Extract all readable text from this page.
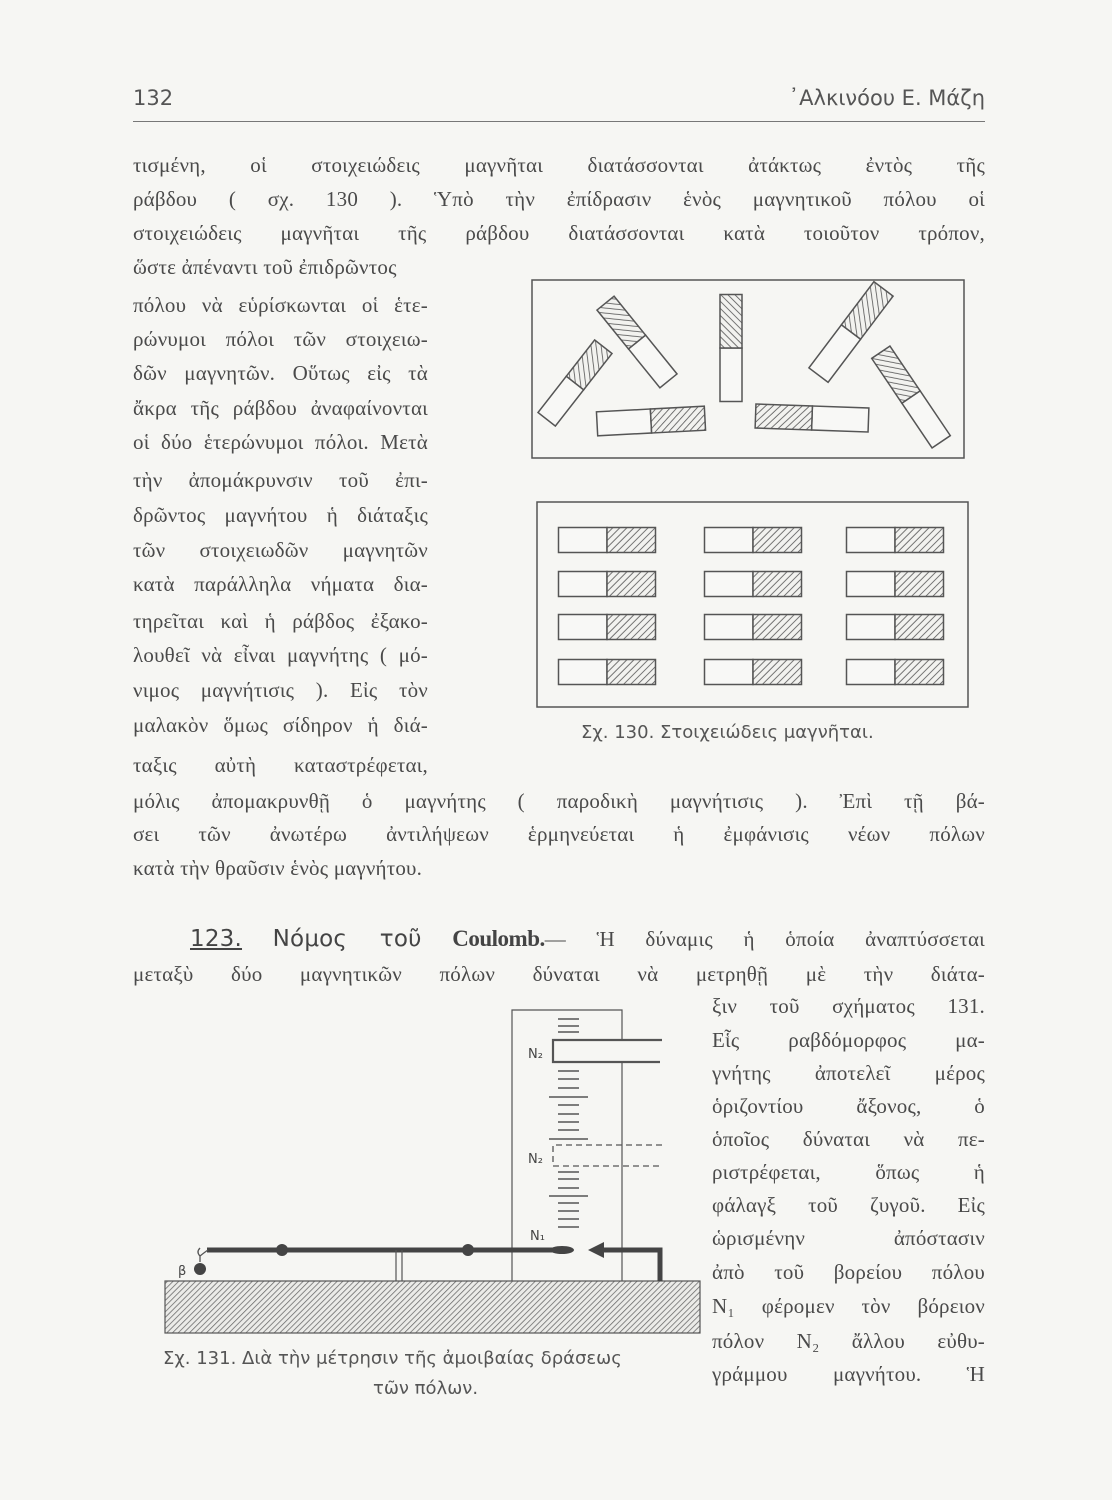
N₂
N₂
N₁
β
132	᾿Αλκινόου Ε. Μάζη
τισμένη, οἱ στοιχειώδεις μαγνῆται διατάσσονται ἀτάκτως ἐντὸς τῆς
ράβδου ( σχ. 130 ). Ὑπὸ τὴν ἐπίδρασιν ἑνὸς μαγνητικοῦ πόλου οἱ
στοιχειώδεις μαγνῆται τῆς ράβδου διατάσσονται κατὰ τοιοῦτον τρόπον,
ὥστε ἀπέναντι τοῦ ἐπιδρῶντος
πόλου νὰ εὑρίσκωνται οἱ ἑτε-
ρώνυμοι πόλοι τῶν στοιχειω-
δῶν μαγνητῶν. Οὕτως εἰς τὰ
ἄκρα τῆς ράβδου ἀναφαίνονται
οἱ δύο ἑτερώνυμοι πόλοι. Μετὰ
τὴν ἀπομάκρυνσιν τοῦ ἐπι-
δρῶντος μαγνήτου ἡ διάταξις
τῶν στοιχειωδῶν μαγνητῶν
κατὰ παράλληλα νήματα δια-
τηρεῖται καὶ ἡ ράβδος ἐξακο-
λουθεῖ νὰ εἶναι μαγνήτης ( μό-
νιμος μαγνήτισις ). Εἰς τὸν
μαλακὸν ὅμως σίδηρον ἡ διά-
ταξις αὐτὴ καταστρέφεται,
μόλις ἀπομακρυνθῇ ὁ μαγνήτης ( παροδικὴ μαγνήτισις ). Ἐπὶ τῇ βά-
σει τῶν ἀνωτέρω ἀντιλήψεων ἑρμηνεύεται ἡ ἐμφάνισις νέων πόλων
κατὰ τὴν θραῦσιν ἑνὸς μαγνήτου.
123. Νόμος τοῦ Coulomb.— Ἡ δύναμις ἡ ὁποία ἀναπτύσσεται
μεταξὺ δύο μαγνητικῶν πόλων δύναται νὰ μετρηθῇ μὲ τὴν διάτα-
ξιν τοῦ σχήματος 131.
Εἷς ραβδόμορφος μα-
γνήτης ἀποτελεῖ μέρος
ὁριζοντίου ἄξονος, ὁ
ὁποῖος δύναται νὰ πε-
ριστρέφεται, ὅπως ἡ
φάλαγξ τοῦ ζυγοῦ. Εἰς
ὡρισμένην ἀπόστασιν
ἀπὸ τοῦ βορείου πόλου
N₁ φέρομεν τὸν βόρειον
πόλον N₂ ἄλλου εὐθυ-
γράμμου μαγνήτου. Ἡ
Σχ. 130. Στοιχειώδεις μαγνῆται.
Σχ. 131. Διὰ τὴν μέτρησιν τῆς ἀμοιβαίας δράσεως
τῶν πόλων.
